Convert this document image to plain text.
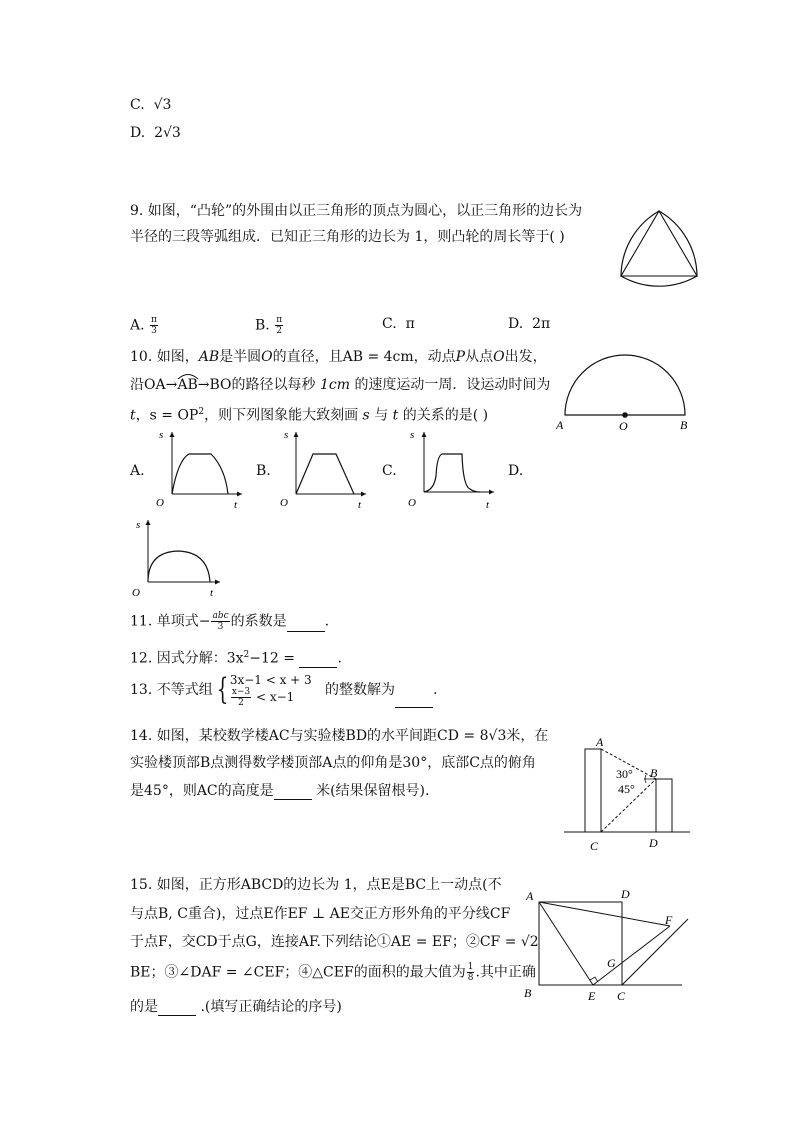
C. √3
D. 2√3
9. 如图，“凸轮”的外围由以正三角形的顶点为圆心，以正三角形的边长为
半径的三段等弧组成．已知正三角形的边长为 1，则凸轮的周长等于( )
A. $\frac{\pi}{3}$	B. $\frac{\pi}{2}$	C. π	D. 2π
10. 如图，AB是半圆O的直径，且AB = 4cm，动点P从点O出发，
沿OA→
AB→BO的路径以每秒 1cm 的速度运动一周．设运动时间为
t，$s = OP^2$，则下列图象能大致刻画 s 与 t 的关系的是( )
A	O	B
A.	B.	C.	D.
s
t
O
s
t
O
s
t
O
s
t
O
11. 单项式− $\frac{\text{abc}}{3}$ 的系数是	.
12. 因式分解：$3x^2-12$ =	.
13. 不等式组 { 3x−1 < x + 3
$\frac{x-3}{2} < x-1$	的整数解为	.
14. 如图，某校数学楼AC与实验楼BD的水平间距CD = 8√3米，在
实验楼顶部B点测得数学楼顶部A点的仰角是30°，底部C点的俯角
是45°，则AC的高度是	米(结果保留根号).
A
B
30°
45°
C	D
15. 如图，正方形ABCD的边长为 1，点E是BC上一动点(不
与点B, C重合)，过点E作EF ⊥ AE交正方形外角的平分线CF
于点F，交CD于点G，连接AF.下列结论①AE = EF；②CF = √2
BE；③∠DAF = ∠CEF；④△CEF的面积的最大值为 $\frac{1}{8}$ .其中正确
的是	.(填写正确结论的序号)
A	D
F
G
B	E C
